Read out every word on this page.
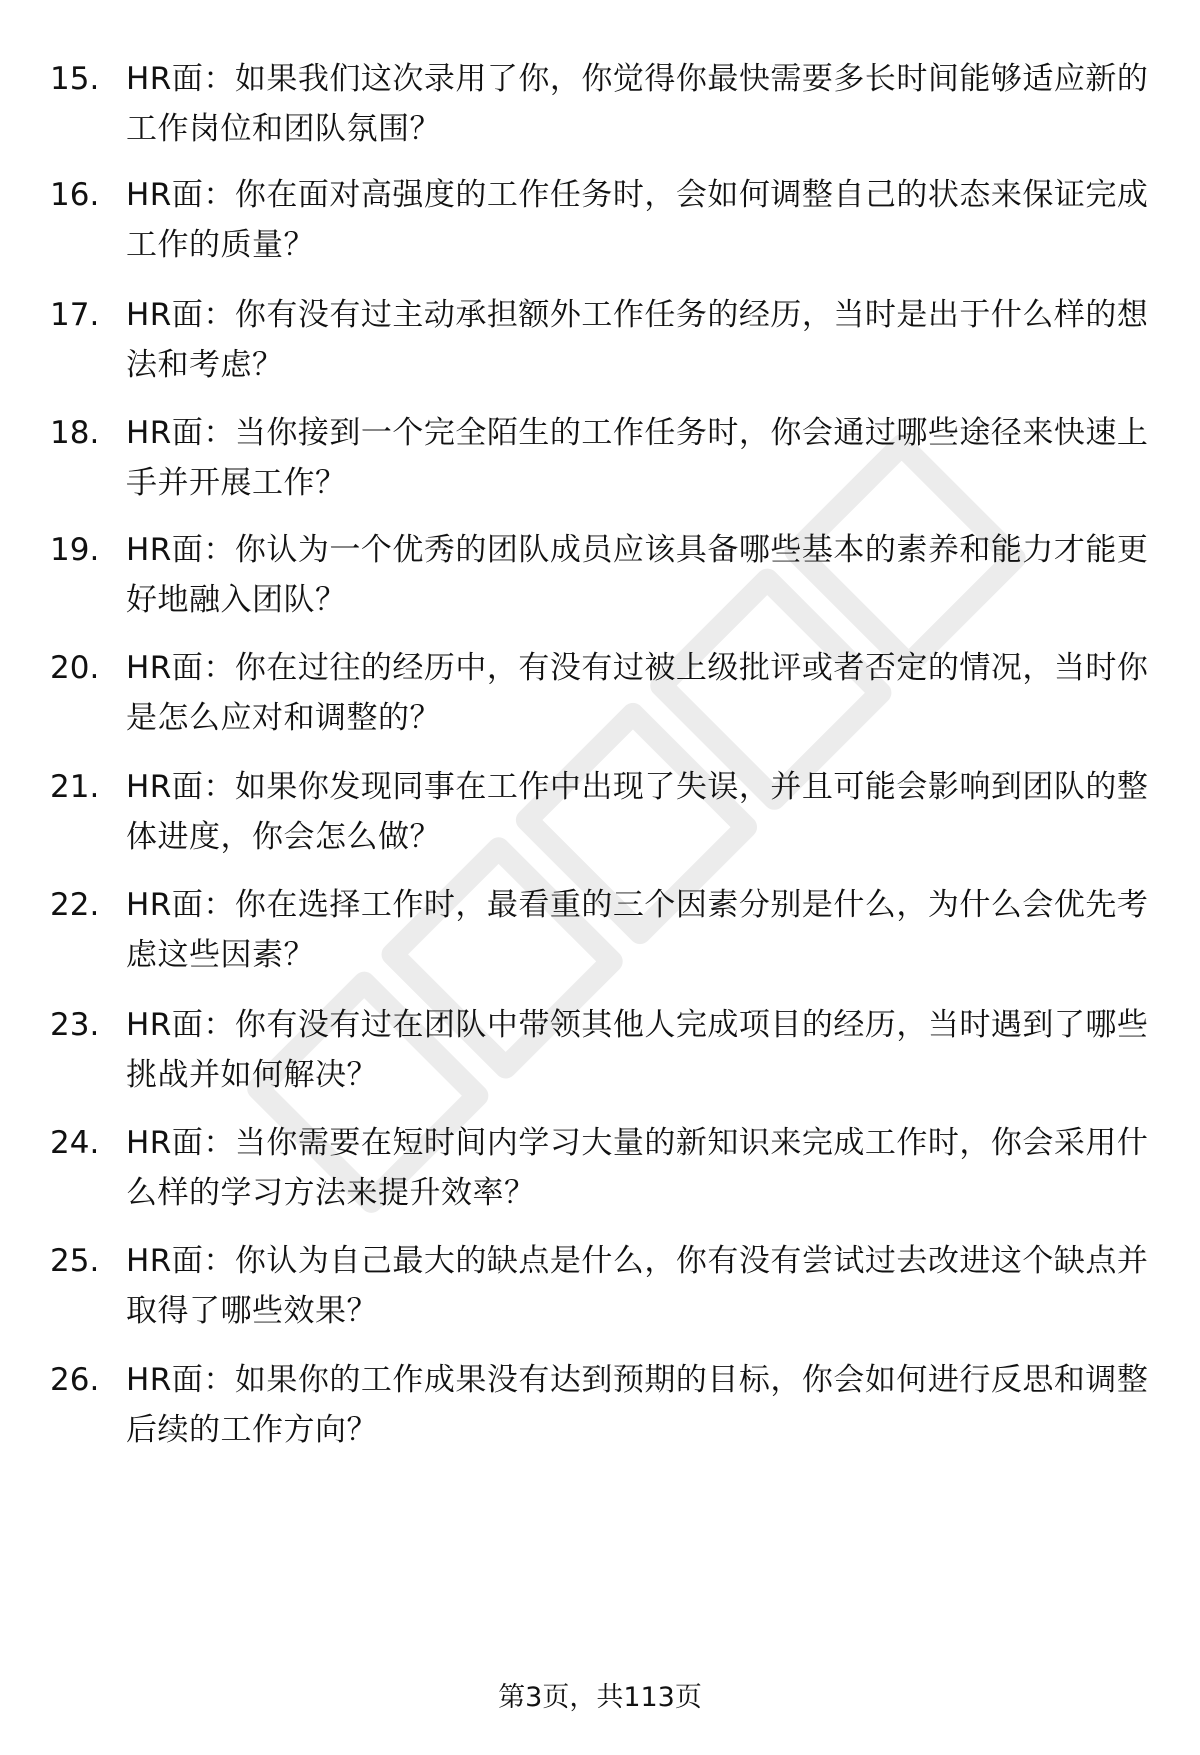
15. HR面：如果我们这次录用了你，你觉得你最快需要多长时间能够适应新的工作岗位和团队氛围？
16. HR面：你在面对高强度的工作任务时，会如何调整自己的状态来保证完成工作的质量？
17. HR面：你有没有过主动承担额外工作任务的经历，当时是出于什么样的想法和考虑？
18. HR面：当你接到一个完全陌生的工作任务时，你会通过哪些途径来快速上手并开展工作？
19. HR面：你认为一个优秀的团队成员应该具备哪些基本的素养和能力才能更好地融入团队？
20. HR面：你在过往的经历中，有没有过被上级批评或者否定的情况，当时你是怎么应对和调整的？
21. HR面：如果你发现同事在工作中出现了失误，并且可能会影响到团队的整体进度，你会怎么做？
22. HR面：你在选择工作时，最看重的三个因素分别是什么，为什么会优先考虑这些因素？
23. HR面：你有没有过在团队中带领其他人完成项目的经历，当时遇到了哪些挑战并如何解决？
24. HR面：当你需要在短时间内学习大量的新知识来完成工作时，你会采用什么样的学习方法来提升效率？
25. HR面：你认为自己最大的缺点是什么，你有没有尝试过去改进这个缺点并取得了哪些效果？
26. HR面：如果你的工作成果没有达到预期的目标，你会如何进行反思和调整后续的工作方向？
第3页，共113页
